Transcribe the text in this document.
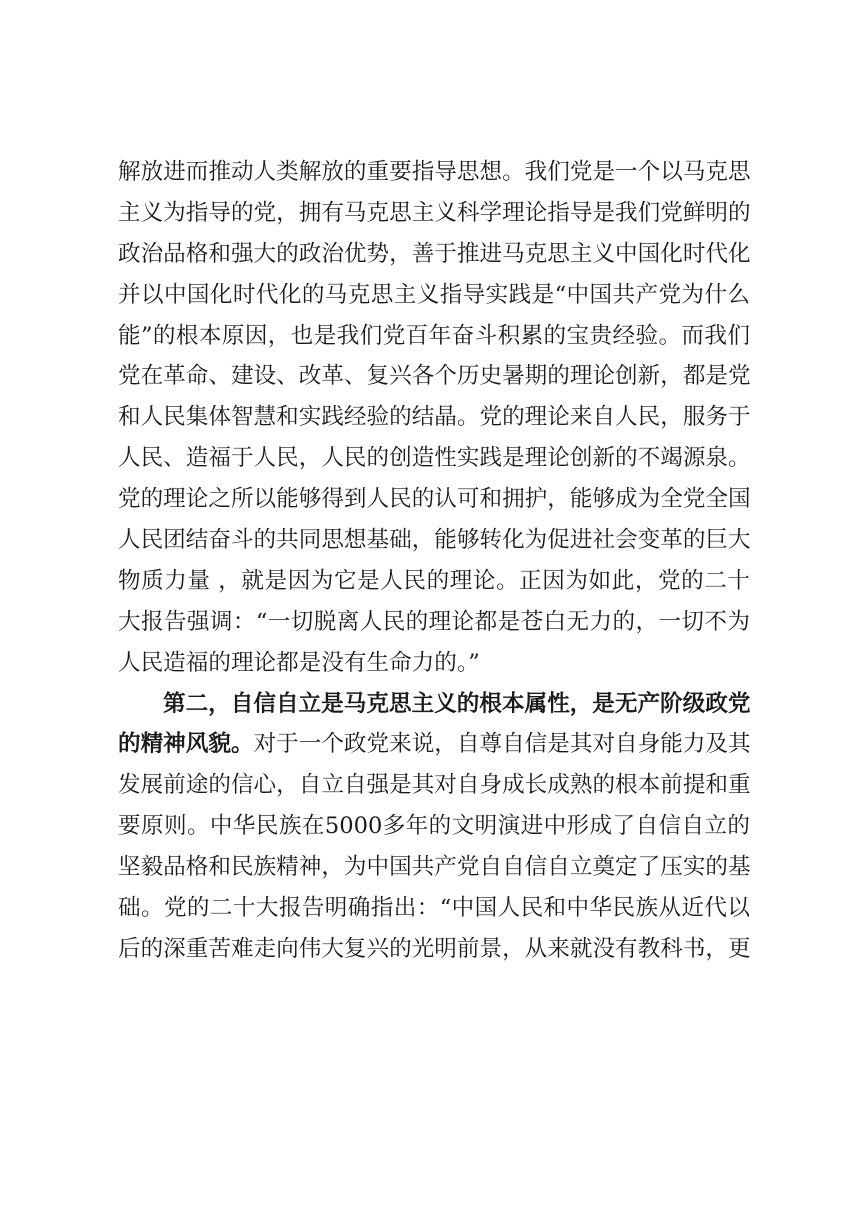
解放进而推动人类解放的重要指导思想。我们党是一个以马克思
主义为指导的党，拥有马克思主义科学理论指导是我们党鲜明的
政治品格和强大的政治优势，善于推进马克思主义中国化时代化
并以中国化时代化的马克思主义指导实践是“中国共产党为什么
能”的根本原因，也是我们党百年奋斗积累的宝贵经验。而我们
党在革命、建设、改革、复兴各个历史暑期的理论创新，都是党
和人民集体智慧和实践经验的结晶。党的理论来自人民，服务于
人民、造福于人民，人民的创造性实践是理论创新的不竭源泉。
党的理论之所以能够得到人民的认可和拥护，能够成为全党全国
人民团结奋斗的共同思想基础，能够转化为促进社会变革的巨大
物质力量 ，就是因为它是人民的理论。正因为如此，党的二十
大报告强调：“一切脱离人民的理论都是苍白无力的，一切不为
人民造福的理论都是没有生命力的。”
第二，自信自立是马克思主义的根本属性，是无产阶级政党
的精神风貌。对于一个政党来说，自尊自信是其对自身能力及其
发展前途的信心，自立自强是其对自身成长成熟的根本前提和重
要原则。中华民族在5000多年的文明演进中形成了自信自立的
坚毅品格和民族精神，为中国共产党自自信自立奠定了压实的基
础。党的二十大报告明确指出：“中国人民和中华民族从近代以
后的深重苦难走向伟大复兴的光明前景，从来就没有教科书，更
